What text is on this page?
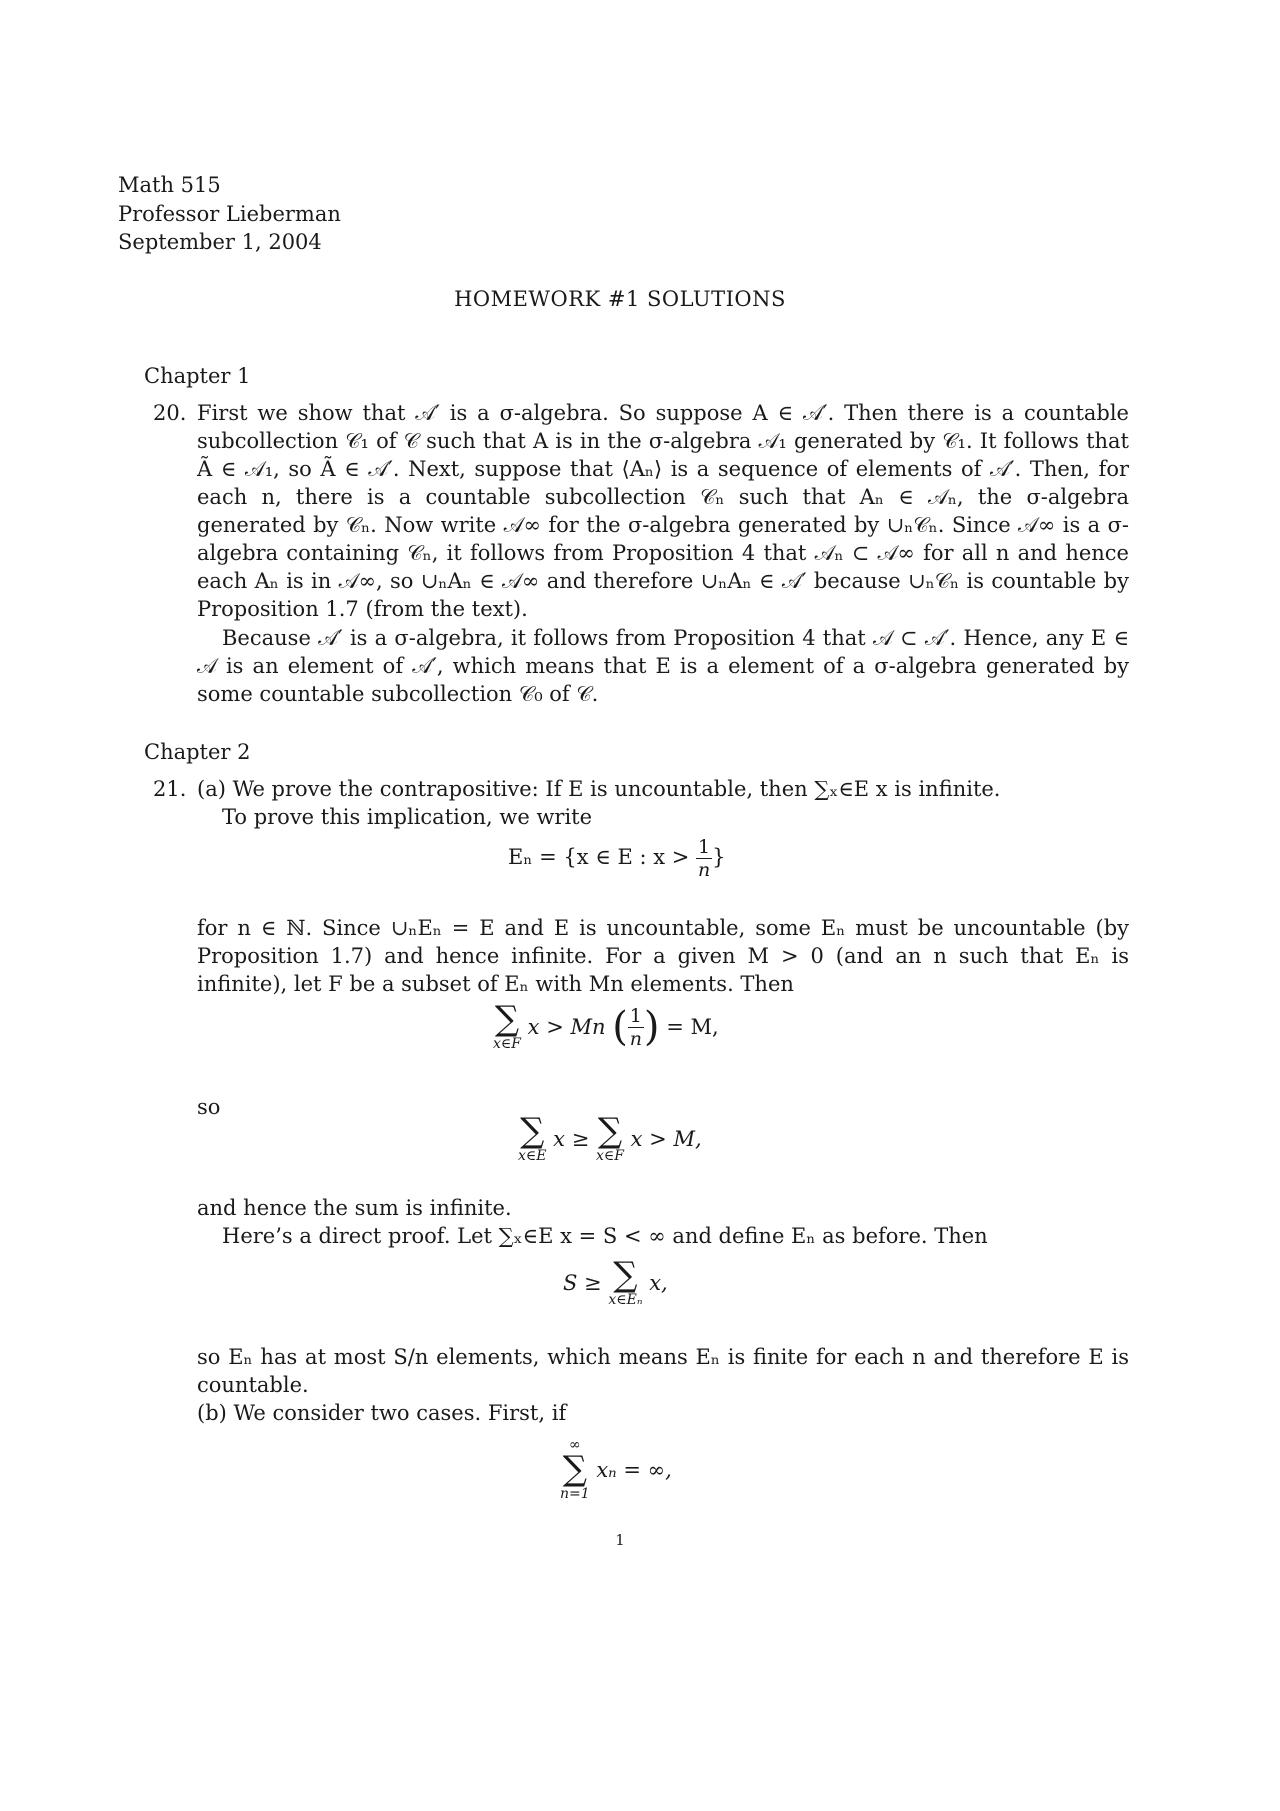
Math 515
Professor Lieberman
September 1, 2004
HOMEWORK #1 SOLUTIONS
Chapter 1
20. First we show that 𝒜′ is a σ-algebra. So suppose A ∈ 𝒜′. Then there is a countable subcollection 𝒞₁ of 𝒞 such that A is in the σ-algebra 𝒜₁ generated by 𝒞₁. It follows that Ã ∈ 𝒜₁, so Ã ∈ 𝒜′. Next, suppose that ⟨Aₙ⟩ is a sequence of elements of 𝒜′. Then, for each n, there is a countable subcollection 𝒞ₙ such that Aₙ ∈ 𝒜ₙ, the σ-algebra generated by 𝒞ₙ. Now write 𝒜∞ for the σ-algebra generated by ∪ₙ𝒞ₙ. Since 𝒜∞ is a σ-algebra containing 𝒞ₙ, it follows from Proposition 4 that 𝒜ₙ ⊂ 𝒜∞ for all n and hence each Aₙ is in 𝒜∞, so ∪ₙAₙ ∈ 𝒜∞ and therefore ∪ₙAₙ ∈ 𝒜′ because ∪ₙ𝒞ₙ is countable by Proposition 1.7 (from the text).
Because 𝒜′ is a σ-algebra, it follows from Proposition 4 that 𝒜 ⊂ 𝒜′. Hence, any E ∈ 𝒜 is an element of 𝒜′, which means that E is a element of a σ-algebra generated by some countable subcollection 𝒞₀ of 𝒞.
Chapter 2
21. (a) We prove the contrapositive: If E is uncountable, then ∑ₓ∈E x is infinite.
To prove this implication, we write
Eₙ = {x ∈ E : $x > \frac{1}{n}$ }
for n ∈ ℕ. Since ∪ₙEₙ = E and E is uncountable, some Eₙ must be uncountable (by Proposition 1.7) and hence infinite. For a given M > 0 (and an n such that Eₙ is infinite), let F be a subset of Eₙ with Mn elements. Then
∑
x∈F
x > Mn ( $\frac{1}{n}$ ) = M,
so
∑
x∈E
x ≥ ∑
x∈F
x > M,
and hence the sum is infinite.
Here’s a direct proof. Let ∑ₓ∈E x = S < ∞ and define Eₙ as before. Then
S ≥ ∑
x∈Eₙ
x,
so Eₙ has at most S/n elements, which means Eₙ is finite for each n and therefore E is countable.
(b) We consider two cases. First, if
∞
∑
n=1
xₙ = ∞,
1
